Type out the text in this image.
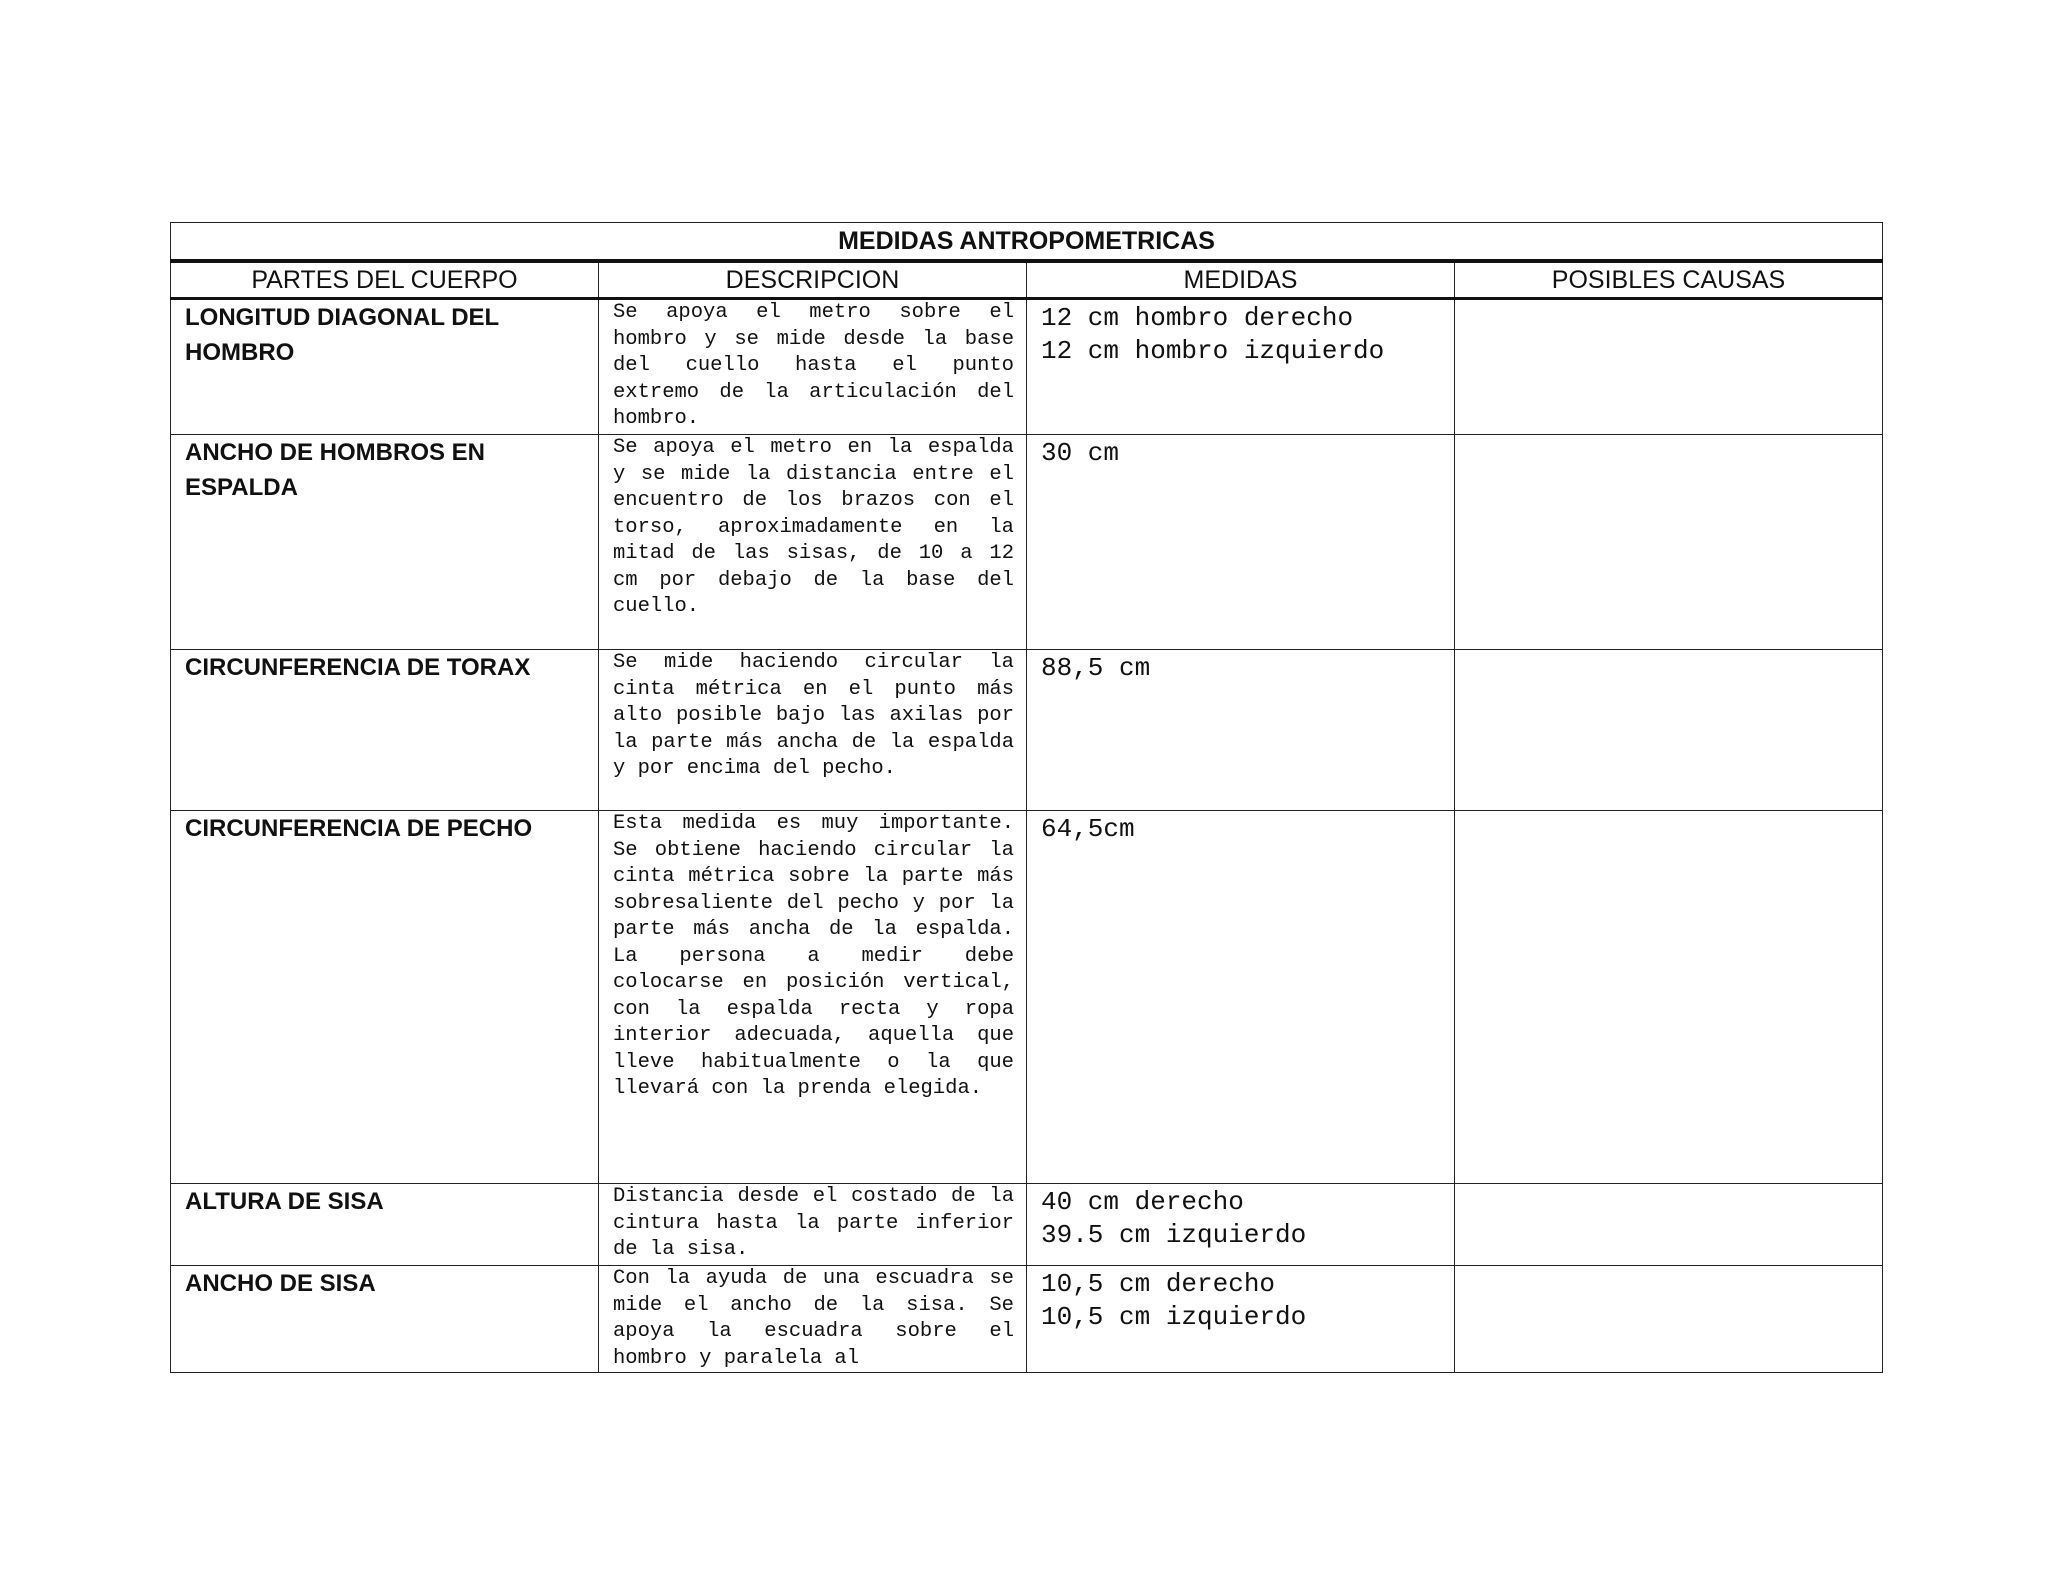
MEDIDAS ANTROPOMETRICAS			
PARTES DEL CUERPO	DESCRIPCION	MEDIDAS	POSIBLES CAUSAS
LONGITUD DIAGONAL DEL HOMBRO	Se apoya el metro sobre el hombro y se mide desde la base del cuello hasta el punto extremo de la articulación del hombro.	12 cm hombro derecho
12 cm hombro izquierdo	
ANCHO DE HOMBROS EN ESPALDA	Se apoya el metro en la espalda y se mide la distancia entre el encuentro de los brazos con el torso, aproximadamente en la mitad de las sisas, de 10 a 12 cm por debajo de la base del cuello.	30 cm	
CIRCUNFERENCIA DE TORAX	Se mide haciendo circular la cinta métrica en el punto más alto posible bajo las axilas por la parte más ancha de la espalda y por encima del pecho.	88,5 cm	
CIRCUNFERENCIA DE PECHO	Esta medida es muy importante. Se obtiene haciendo circular la cinta métrica sobre la parte más sobresaliente del pecho y por la parte más ancha de la espalda. La persona a medir debe colocarse en posición vertical, con la espalda recta y ropa interior adecuada, aquella que lleve habitualmente o la que llevará con la prenda elegida.	64,5cm	
ALTURA DE SISA	Distancia desde el costado de la cintura hasta la parte inferior de la sisa.	40 cm derecho
39.5 cm izquierdo	
ANCHO DE SISA	Con la ayuda de una escuadra se mide el ancho de la sisa. Se apoya la escuadra sobre el hombro y paralela al	10,5 cm derecho
10,5 cm izquierdo	
